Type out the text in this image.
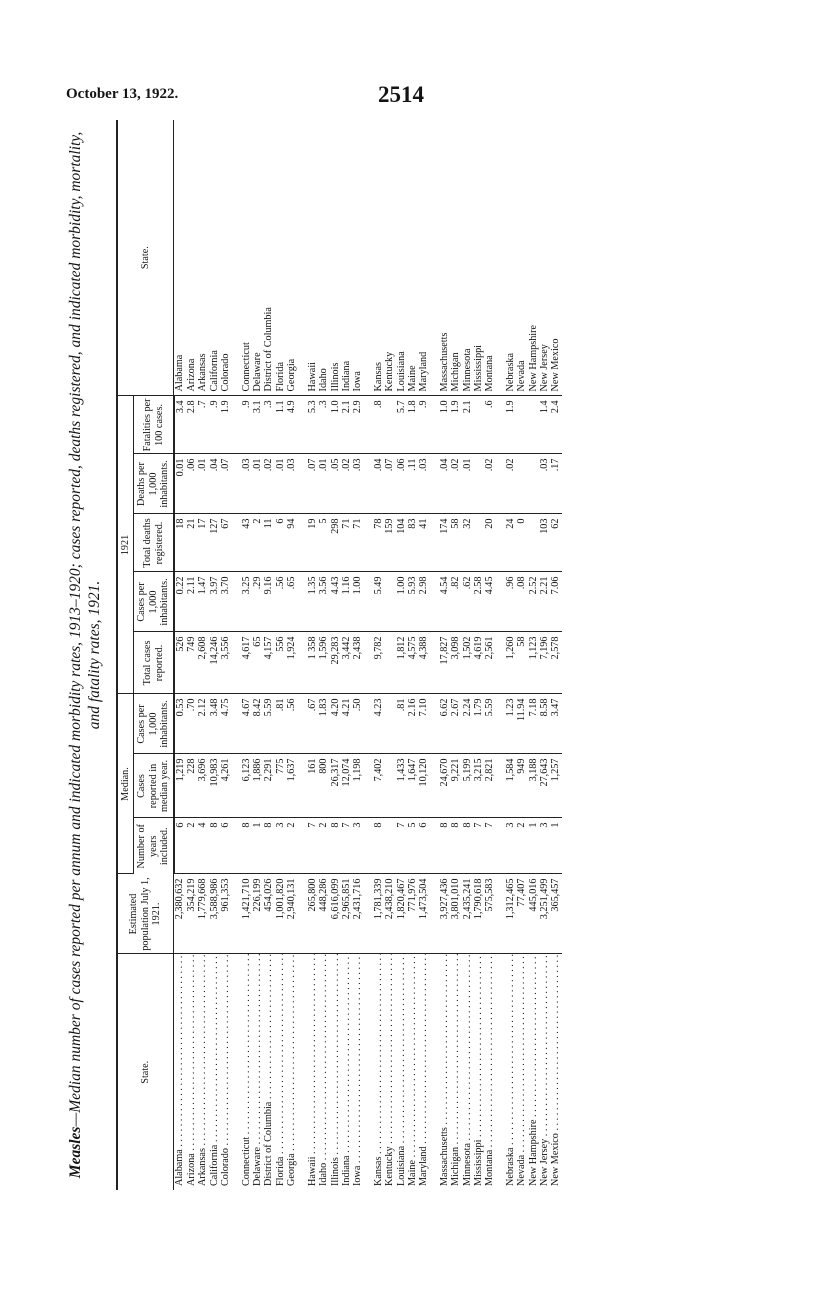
October 13, 1922.	2514
Measles—Median number of cases reported per annum and indicated morbidity rates, 1913–1920; cases reported, deaths registered, and indicated morbidity, mortality, and fatality rates, 1921.
State.	Estimated population July 1, 1921.	Median.			1921					State.
		Number of years included.	Cases reported in median year.	Cases per 1,000 inhabitants.	Total cases reported.	Cases per 1,000 inhabitants.	Total deaths registered.	Deaths per 1,000 inhabitants.	Fatalities per 100 cases.	

Alabama . . .	2,380,632	6	1,219	0.53	526	0.22	18	0.01	3.4	Alabama

Arizona . . .	354,219	2	228	.70	749	2.11	21	.06	2.8	Arizona

Arkansas . . .	1,779,668	4	3,696	2.12	2,608	1.47	17	.01	.7	Arkansas

California . . .	3,588,986	8	10,983	3.48	14,246	3.97	127	.04	.9	California

Colorado . . .	961,353	6	4,261	4.75	3,556	3.70	67	.07	1.9	Colorado

Connecticut . . .	1,421,710	8	6,123	4.67	4,617	3.25	43	.03	.9	Connecticut

Delaware . . .	226,199	1	1,886	8.42	65	.29	2	.01	3.1	Delaware

District of Columbia . . .	454,026	8	2,291	5.59	4,157	9.16	11	.02	.3	District of Columbia

Florida . . .	1,001,820	3	775	.81	556	.56	6	.01	1.1	Florida

Georgia . . .	2,940,131	2	1,637	.56	1,924	.65	94	.03	4.9	Georgia

Hawaii . . .	265,800	7	161	.67	1 358	1.35	19	.07	5.3	Hawaii

Idaho . . .	448,286	2	800	1.83	1,596	3.56	5	.01	.3	Idaho

Illinois . . .	6,616,099	8	26,317	4.20	29,283	4.43	298	.05	1.0	Illinois

Indiana . . .	2,965,851	7	12,074	4.21	3,442	1.16	71	.02	2.1	Indiana

Iowa . . .	2,431,716	3	1,198	.50	2,438	1.00	71	.03	2.9	Iowa

Kansas . . .	1,781,339	8	7,402	4.23	9,782	5.49	78	.04	.8	Kansas

Kentucky . . .	2,438,210						159	.07		Kentucky

Louisiana . . .	1,820,467	7	1,433	.81	1,812	1.00	104	.06	5.7	Louisiana

Maine . . .	771,976	5	1,647	2.16	4,575	5.93	83	.11	1.8	Maine

Maryland . . .	1,473,504	6	10,120	7.10	4,388	2.98	41	.03	.9	Maryland

Massachusetts . . .	3,927,436	8	24,670	6.62	17,827	4.54	174	.04	1.0	Massachusetts

Michigan . . .	3,801,010	8	9,221	2.67	3,098	.82	58	.02	1.9	Michigan

Minnesota . . .	2,435,241	8	5,199	2.24	1,502	.62	32	.01	2.1	Minnesota

Mississippi . . .	1,790,618	7	3,215	1.79	4,619	2.58				Mississippi

Montana . . .	575,583	7	2,821	5.59	2,561	4.45	20	.02	.6	Montana

Nebraska . . .	1,312,465	3	1,584	1.23	1,260	.96	24	.02	1.9	Nebraska

Nevada . . .	77,407	2	949	11.94	58	.08	0			Nevada

New Hampshire . . .	445,016	1	3,188	7.18	1,123	2.52				New Hampshire

New Jersey . . .	3,251,499	3	27,643	8.58	7,196	2.21	103	.03	1.4	New Jersey

New Mexico . . .	365,457	1	1,257	3.47	2,578	7.06	62	.17	2.4	New Mexico
